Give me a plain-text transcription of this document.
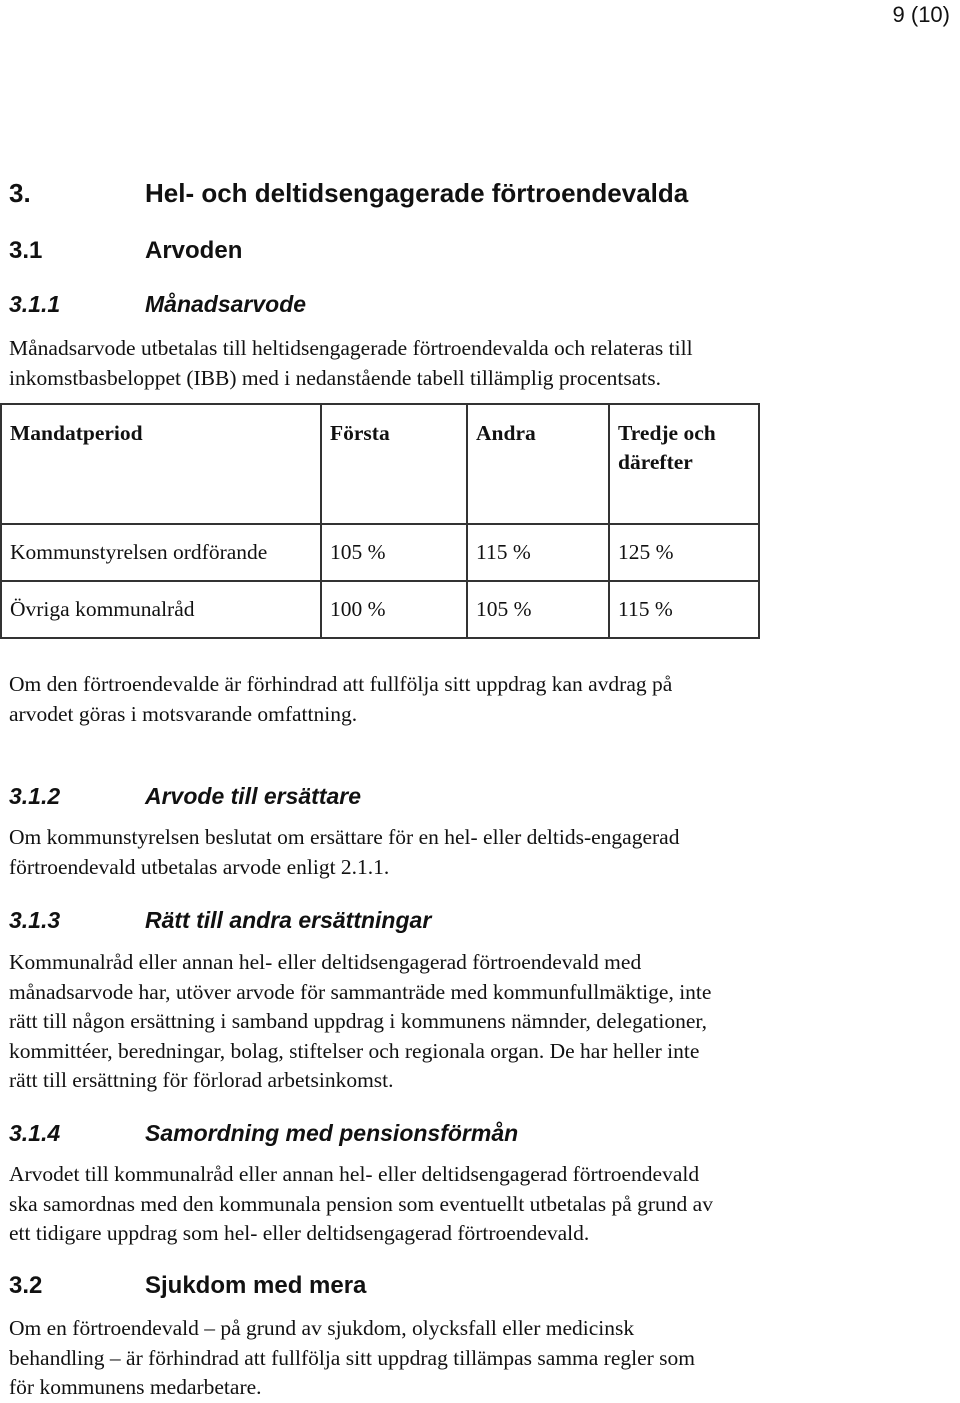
9 (10)

3.	Hel- och deltidsengagerade förtroendevalda
3.1	Arvoden
3.1.1	Månadsarvode
Månadsarvode utbetalas till heltidsengagerade förtroendevalda och relateras till
inkomstbasbeloppet (IBB) med i nedanstående tabell tillämplig procentsats.
Mandatperiod	Första	Andra	Tredje och därefter
Kommunstyrelsen ordförande	105 %	115 %	125 %
Övriga kommunalråd	100 %	105 %	115 %
Om den förtroendevalde är förhindrad att fullfölja sitt uppdrag kan avdrag på
arvodet göras i motsvarande omfattning.
3.1.2	Arvode till ersättare
Om kommunstyrelsen beslutat om ersättare för en hel- eller deltids-engagerad
förtroendevald utbetalas arvode enligt 2.1.1.
3.1.3	Rätt till andra ersättningar
Kommunalråd eller annan hel- eller deltidsengagerad förtroendevald med
månadsarvode har, utöver arvode för sammanträde med kommunfullmäktige, inte
rätt till någon ersättning i samband uppdrag i kommunens nämnder, delegationer,
kommittéer, beredningar, bolag, stiftelser och regionala organ. De har heller inte
rätt till ersättning för förlorad arbetsinkomst.
3.1.4	Samordning med pensionsförmån
Arvodet till kommunalråd eller annan hel- eller deltidsengagerad förtroendevald
ska samordnas med den kommunala pension som eventuellt utbetalas på grund av
ett tidigare uppdrag som hel- eller deltidsengagerad förtroendevald.
3.2	Sjukdom med mera
Om en förtroendevald – på grund av sjukdom, olycksfall eller medicinsk
behandling – är förhindrad att fullfölja sitt uppdrag tillämpas samma regler som
för kommunens medarbetare.
